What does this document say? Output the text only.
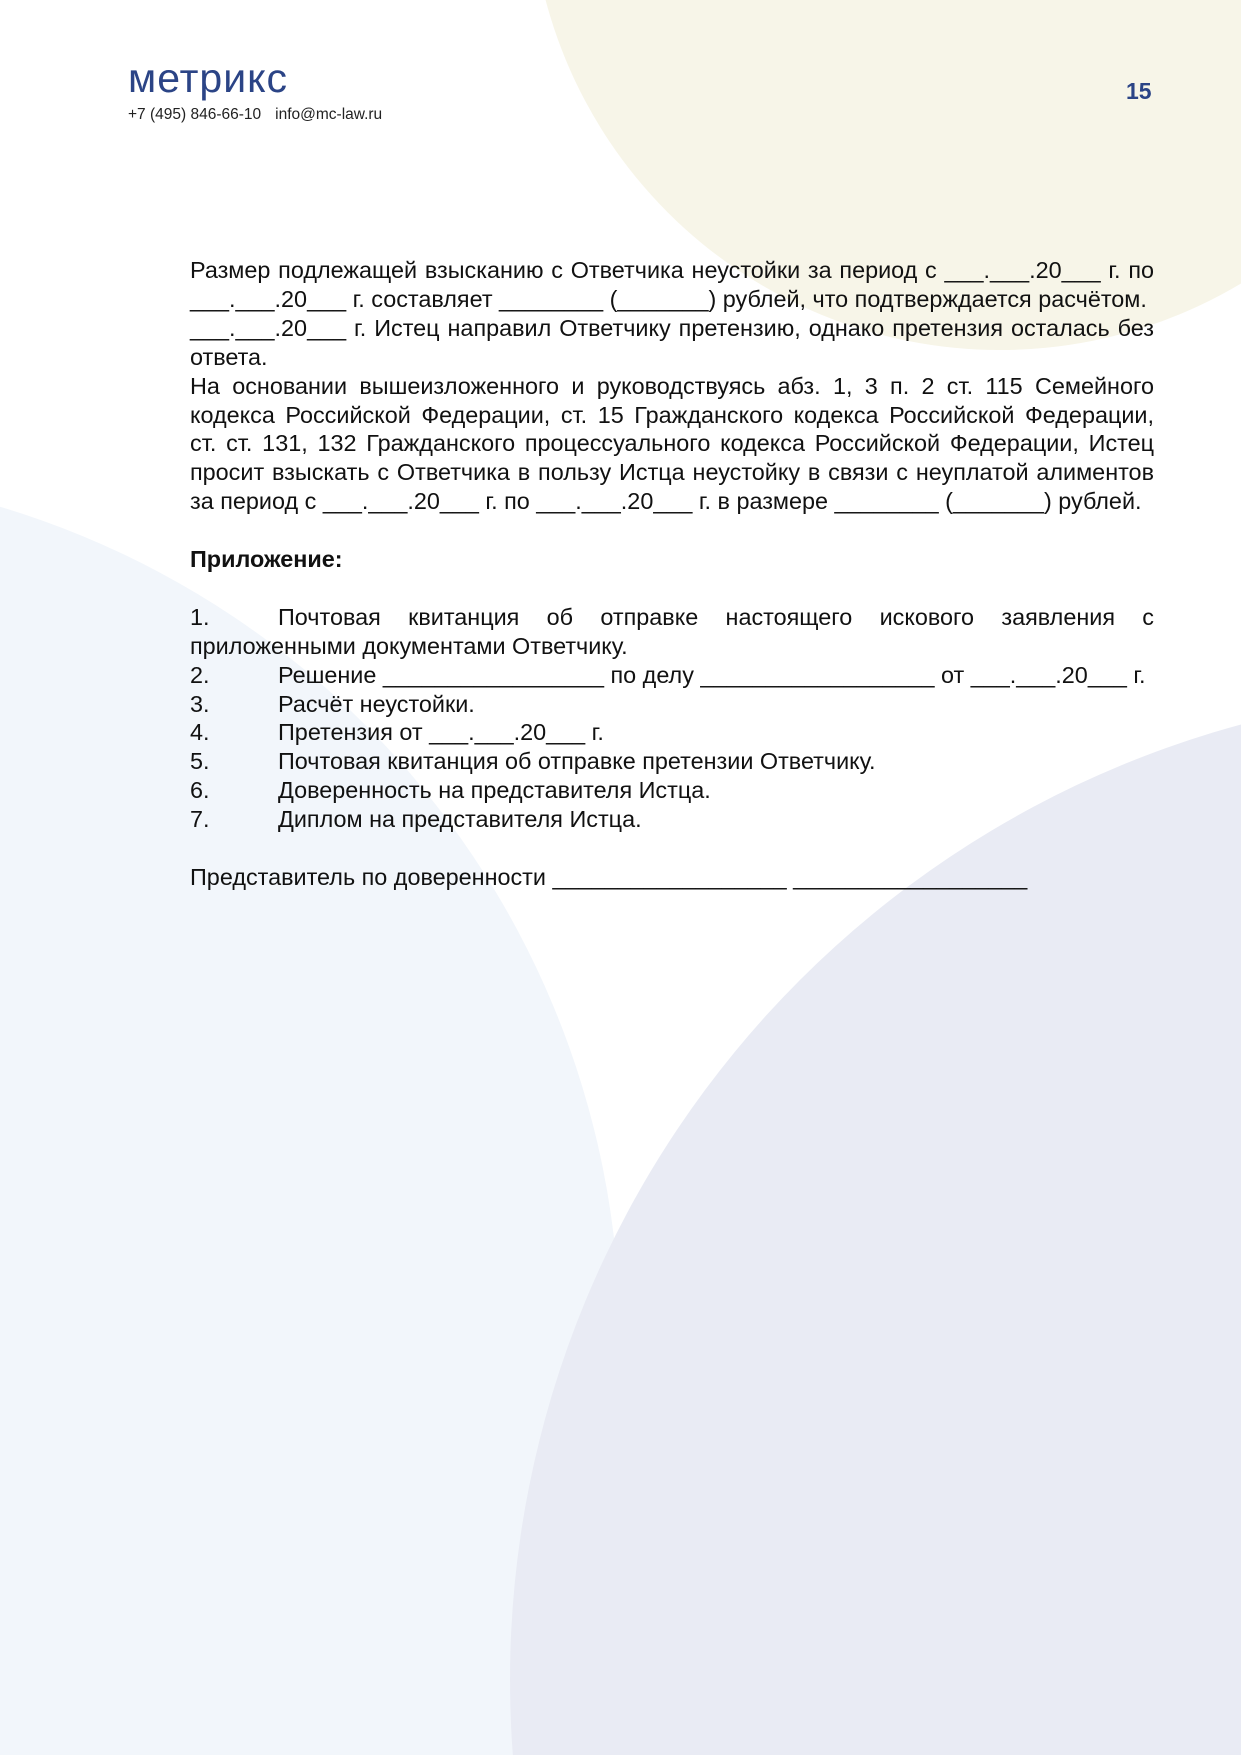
метрикс
+7 (495) 846-66-10 info@mc-law.ru
15

Размер подлежащей взысканию с Ответчика неустойки за период с ___.___.20___ г. по ___.___.20___ г. составляет ________ (_______) рублей, что подтверждается расчётом.

___.___.20___ г. Истец направил Ответчику претензию, однако претензия осталась без ответа.

На основании вышеизложенного и руководствуясь абз. 1, 3 п. 2 ст. 115 Семейного кодекса Российской Федерации, ст. 15 Гражданского кодекса Российской Федерации, ст. ст. 131, 132 Гражданского процессуального кодекса Российской Федерации, Истец просит взыскать с Ответчика в пользу Истца неустойку в связи с неуплатой алиментов за период с ___.___.20___ г. по ___.___.20___ г. в размере ________ (_______) рублей.

Приложение:

1.	Почтовая квитанция об отправке настоящего искового заявления с приложенными документами Ответчику.

2.	Решение _________________ по делу __________________ от ___.___.20___ г.

3.	Расчёт неустойки.

4.	Претензия от ___.___.20___ г.

5.	Почтовая квитанция об отправке претензии Ответчику.

6.	Доверенность на представителя Истца.

7.	Диплом на представителя Истца.

Представитель по доверенности __________________ __________________
